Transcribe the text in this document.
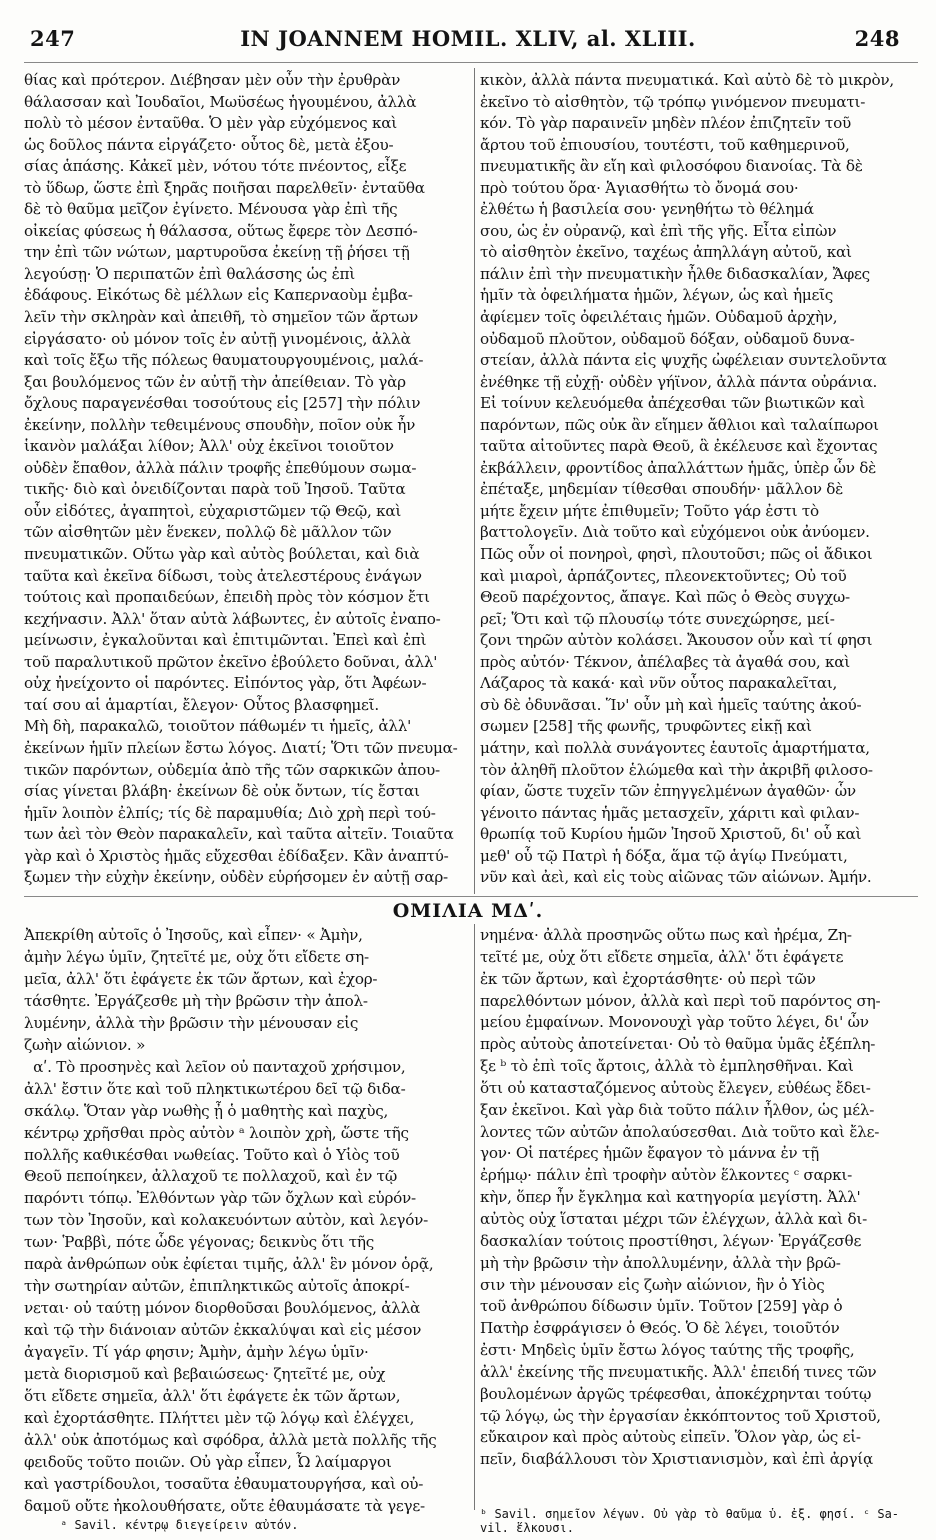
247	IN JOANNEM HOMIL. XLIV, al. XLIII.	248
θίας καὶ πρότερον. Διέβησαν μὲν οὖν τὴν ἐρυθρὰν
θάλασσαν καὶ Ἰουδαῖοι, Μωϋσέως ἡγουμένου, ἀλλὰ
πολὺ τὸ μέσον ἐνταῦθα. Ὁ μὲν γὰρ εὐχόμενος καὶ
ὡς δοῦλος πάντα εἰργάζετο· οὗτος δὲ, μετὰ ἐξου-
σίας ἁπάσης. Κἀκεῖ μὲν, νότου τότε πνέοντος, εἶξε
τὸ ὕδωρ, ὥστε ἐπὶ ξηρᾶς ποιῆσαι παρελθεῖν· ἐνταῦθα
δὲ τὸ θαῦμα μεῖζον ἐγίνετο. Μένουσα γὰρ ἐπὶ τῆς
οἰκείας φύσεως ἡ θάλασσα, οὕτως ἔφερε τὸν Δεσπό-
την ἐπὶ τῶν νώτων, μαρτυροῦσα ἐκείνῃ τῇ ῥήσει τῇ
λεγούσῃ· Ὁ περιπατῶν ἐπὶ θαλάσσης ὡς ἐπὶ
ἐδάφους. Εἰκότως δὲ μέλλων εἰς Καπερναοὺμ ἐμβα-
λεῖν τὴν σκληρὰν καὶ ἀπειθῆ, τὸ σημεῖον τῶν ἄρτων
εἰργάσατο· οὐ μόνον τοῖς ἐν αὐτῇ γινομένοις, ἀλλὰ
καὶ τοῖς ἔξω τῆς πόλεως θαυματουργουμένοις, μαλά-
ξαι βουλόμενος τῶν ἐν αὐτῇ τὴν ἀπείθειαν. Τὸ γὰρ
ὄχλους παραγενέσθαι τοσούτους εἰς [257] τὴν πόλιν
ἐκείνην, πολλὴν τεθειμένους σπουδὴν, ποῖον οὐκ ἦν
ἱκανὸν μαλάξαι λίθον; Ἀλλ' οὐχ ἐκεῖνοι τοιοῦτον
οὐδὲν ἔπαθον, ἀλλὰ πάλιν τροφῆς ἐπεθύμουν σωμα-
τικῆς· διὸ καὶ ὀνειδίζονται παρὰ τοῦ Ἰησοῦ. Ταῦτα
οὖν εἰδότες, ἀγαπητοὶ, εὐχαριστῶμεν τῷ Θεῷ, καὶ
τῶν αἰσθητῶν μὲν ἕνεκεν, πολλῷ δὲ μᾶλλον τῶν
πνευματικῶν. Οὕτω γὰρ καὶ αὐτὸς βούλεται, καὶ διὰ
ταῦτα καὶ ἐκεῖνα δίδωσι, τοὺς ἀτελεστέρους ἐνάγων
τούτοις καὶ προπαιδεύων, ἐπειδὴ πρὸς τὸν κόσμον ἔτι
κεχήνασιν. Ἀλλ' ὅταν αὐτὰ λάβωντες, ἐν αὐτοῖς ἐναπο-
μείνωσιν, ἐγκαλοῦνται καὶ ἐπιτιμῶνται. Ἐπεὶ καὶ ἐπὶ
τοῦ παραλυτικοῦ πρῶτον ἐκεῖνο ἐβούλετο δοῦναι, ἀλλ'
οὐχ ἠνείχοντο οἱ παρόντες. Εἰπόντος γὰρ, ὅτι Ἀφέων-
ταί σου αἱ ἁμαρτίαι, ἔλεγον· Οὗτος βλασφημεῖ.
Μὴ δὴ, παρακαλῶ, τοιοῦτον πάθωμέν τι ἡμεῖς, ἀλλ'
ἐκείνων ἡμῖν πλείων ἔστω λόγος. Διατί; Ὅτι τῶν πνευμα-
τικῶν παρόντων, οὐδεμία ἀπὸ τῆς τῶν σαρκικῶν ἀπου-
σίας γίνεται βλάβη· ἐκείνων δὲ οὐκ ὄντων, τίς ἔσται
ἡμῖν λοιπὸν ἐλπίς; τίς δὲ παραμυθία; Διὸ χρὴ περὶ τού-
των ἀεὶ τὸν Θεὸν παρακαλεῖν, καὶ ταῦτα αἰτεῖν. Τοιαῦτα
γὰρ καὶ ὁ Χριστὸς ἡμᾶς εὔχεσθαι ἐδίδαξεν. Κἂν ἀναπτύ-
ξωμεν τὴν εὐχὴν ἐκείνην, οὐδὲν εὑρήσομεν ἐν αὐτῇ σαρ-
κικὸν, ἀλλὰ πάντα πνευματικά. Καὶ αὐτὸ δὲ τὸ μικρὸν,
ἐκεῖνο τὸ αἰσθητὸν, τῷ τρόπῳ γινόμενον πνευματι-
κόν. Τὸ γὰρ παραινεῖν μηδὲν πλέον ἐπιζητεῖν τοῦ
ἄρτου τοῦ ἐπιουσίου, τουτέστι, τοῦ καθημερινοῦ,
πνευματικῆς ἂν εἴη καὶ φιλοσόφου διανοίας. Τὰ δὲ
πρὸ τούτου ὅρα· Ἁγιασθήτω τὸ ὄνομά σου·
ἐλθέτω ἡ βασιλεία σου· γενηθήτω τὸ θέλημά
σου, ὡς ἐν οὐρανῷ, καὶ ἐπὶ τῆς γῆς. Εἶτα εἰπὼν
τὸ αἰσθητὸν ἐκεῖνο, ταχέως ἀπηλλάγη αὐτοῦ, καὶ
πάλιν ἐπὶ τὴν πνευματικὴν ἦλθε διδασκαλίαν, Ἄφες
ἡμῖν τὰ ὀφειλήματα ἡμῶν, λέγων, ὡς καὶ ἡμεῖς
ἀφίεμεν τοῖς ὀφειλέταις ἡμῶν. Οὐδαμοῦ ἀρχὴν,
οὐδαμοῦ πλοῦτον, οὐδαμοῦ δόξαν, οὐδαμοῦ δυνα-
στείαν, ἀλλὰ πάντα εἰς ψυχῆς ὠφέλειαν συντελοῦντα
ἐνέθηκε τῇ εὐχῇ· οὐδὲν γήϊνον, ἀλλὰ πάντα οὐράνια.
Εἰ τοίνυν κελευόμεθα ἀπέχεσθαι τῶν βιωτικῶν καὶ
παρόντων, πῶς οὐκ ἂν εἴημεν ἄθλιοι καὶ ταλαίπωροι
ταῦτα αἰτοῦντες παρὰ Θεοῦ, ἃ ἐκέλευσε καὶ ἔχοντας
ἐκβάλλειν, φροντίδος ἀπαλλάττων ἡμᾶς, ὑπὲρ ὧν δὲ
ἐπέταξε, μηδεμίαν τίθεσθαι σπουδήν· μᾶλλον δὲ
μήτε ἔχειν μήτε ἐπιθυμεῖν; Τοῦτο γάρ ἐστι τὸ
βαττολογεῖν. Διὰ τοῦτο καὶ εὐχόμενοι οὐκ ἀνύομεν.
Πῶς οὖν οἱ πονηροὶ, φησὶ, πλουτοῦσι; πῶς οἱ ἄδικοι
καὶ μιαροὶ, ἁρπάζοντες, πλεονεκτοῦντες; Οὐ τοῦ
Θεοῦ παρέχοντος, ἄπαγε. Καὶ πῶς ὁ Θεὸς συγχω-
ρεῖ; Ὅτι καὶ τῷ πλουσίῳ τότε συνεχώρησε, μεί-
ζονι τηρῶν αὐτὸν κολάσει. Ἄκουσον οὖν καὶ τί φησι
πρὸς αὐτόν· Τέκνον, ἀπέλαβες τὰ ἀγαθά σου, καὶ
Λάζαρος τὰ κακά· καὶ νῦν οὗτος παρακαλεῖται,
σὺ δὲ ὀδυνᾶσαι. Ἵν' οὖν μὴ καὶ ἡμεῖς ταύτης ἀκού-
σωμεν [258] τῆς φωνῆς, τρυφῶντες εἰκῇ καὶ
μάτην, καὶ πολλὰ συνάγοντες ἑαυτοῖς ἁμαρτήματα,
τὸν ἀληθῆ πλοῦτον ἑλώμεθα καὶ τὴν ἀκριβῆ φιλοσο-
φίαν, ὥστε τυχεῖν τῶν ἐπηγγελμένων ἀγαθῶν· ὧν
γένοιτο πάντας ἡμᾶς μετασχεῖν, χάριτι καὶ φιλαν-
θρωπίᾳ τοῦ Κυρίου ἡμῶν Ἰησοῦ Χριστοῦ, δι' οὗ καὶ
μεθ' οὗ τῷ Πατρὶ ἡ δόξα, ἅμα τῷ ἁγίῳ Πνεύματι,
νῦν καὶ ἀεὶ, καὶ εἰς τοὺς αἰῶνας τῶν αἰώνων. Ἀμήν.
ΟΜΙΛΙΑ ΜΔʹ.
Ἀπεκρίθη αὐτοῖς ὁ Ἰησοῦς, καὶ εἶπεν· « Ἀμὴν,
ἀμὴν λέγω ὑμῖν, ζητεῖτέ με, οὐχ ὅτι εἴδετε ση-
μεῖα, ἀλλ' ὅτι ἐφάγετε ἐκ τῶν ἄρτων, καὶ ἐχορ-
τάσθητε. Ἐργάζεσθε μὴ τὴν βρῶσιν τὴν ἀπολ-
λυμένην, ἀλλὰ τὴν βρῶσιν τὴν μένουσαν εἰς
ζωὴν αἰώνιον. »
αʹ. Τὸ προσηνὲς καὶ λεῖον οὐ πανταχοῦ χρήσιμον,
ἀλλ' ἔστιν ὅτε καὶ τοῦ πληκτικωτέρου δεῖ τῷ διδα-
σκάλῳ. Ὅταν γὰρ νωθὴς ᾖ ὁ μαθητὴς καὶ παχὺς,
κέντρῳ χρῆσθαι πρὸς αὐτὸν ᵃ λοιπὸν χρὴ, ὥστε τῆς
πολλῆς καθικέσθαι νωθείας. Τοῦτο καὶ ὁ Υἱὸς τοῦ
Θεοῦ πεποίηκεν, ἀλλαχοῦ τε πολλαχοῦ, καὶ ἐν τῷ
παρόντι τόπῳ. Ἐλθόντων γὰρ τῶν ὄχλων καὶ εὑρόν-
των τὸν Ἰησοῦν, καὶ κολακευόντων αὐτὸν, καὶ λεγόν-
των· Ῥαββὶ, πότε ὧδε γέγονας; δεικνὺς ὅτι τῆς
παρὰ ἀνθρώπων οὐκ ἐφίεται τιμῆς, ἀλλ' ἓν μόνον ὁρᾷ,
τὴν σωτηρίαν αὐτῶν, ἐπιπληκτικῶς αὐτοῖς ἀποκρί-
νεται· οὐ ταύτῃ μόνον διορθοῦσαι βουλόμενος, ἀλλὰ
καὶ τῷ τὴν διάνοιαν αὐτῶν ἐκκαλύψαι καὶ εἰς μέσον
ἀγαγεῖν. Τί γάρ φησιν; Ἀμὴν, ἀμὴν λέγω ὑμῖν·
μετὰ διορισμοῦ καὶ βεβαιώσεως· ζητεῖτέ με, οὐχ
ὅτι εἴδετε σημεῖα, ἀλλ' ὅτι ἐφάγετε ἐκ τῶν ἄρτων,
καὶ ἐχορτάσθητε. Πλήττει μὲν τῷ λόγῳ καὶ ἐλέγχει,
ἀλλ' οὐκ ἀποτόμως καὶ σφόδρα, ἀλλὰ μετὰ πολλῆς τῆς
φειδοῦς τοῦτο ποιῶν. Οὐ γὰρ εἶπεν, Ὦ λαίμαργοι
καὶ γαστρίδουλοι, τοσαῦτα ἐθαυματουργήσα, καὶ οὐ-
δαμοῦ οὔτε ἠκολουθήσατε, οὔτε ἐθαυμάσατε τὰ γεγε-
νημένα· ἀλλὰ προσηνῶς οὕτω πως καὶ ἠρέμα, Ζη-
τεῖτέ με, οὐχ ὅτι εἴδετε σημεῖα, ἀλλ' ὅτι ἐφάγετε
ἐκ τῶν ἄρτων, καὶ ἐχορτάσθητε· οὐ περὶ τῶν
παρελθόντων μόνον, ἀλλὰ καὶ περὶ τοῦ παρόντος ση-
μείου ἐμφαίνων. Μονονουχὶ γὰρ τοῦτο λέγει, δι' ὧν
πρὸς αὐτοὺς ἀποτείνεται· Οὐ τὸ θαῦμα ὑμᾶς ἐξέπλη-
ξε ᵇ τὸ ἐπὶ τοῖς ἄρτοις, ἀλλὰ τὸ ἐμπλησθῆναι. Καὶ
ὅτι οὐ κατασταζόμενος αὐτοὺς ἔλεγεν, εὐθέως ἔδει-
ξαν ἐκεῖνοι. Καὶ γὰρ διὰ τοῦτο πάλιν ἦλθον, ὡς μέλ-
λοντες τῶν αὐτῶν ἀπολαύσεσθαι. Διὰ τοῦτο καὶ ἔλε-
γον· Οἱ πατέρες ἡμῶν ἔφαγον τὸ μάννα ἐν τῇ
ἐρήμῳ· πάλιν ἐπὶ τροφὴν αὐτὸν ἕλκοντες ᶜ σαρκι-
κὴν, ὅπερ ἦν ἔγκλημα καὶ κατηγορία μεγίστη. Ἀλλ'
αὐτὸς οὐχ ἵσταται μέχρι τῶν ἐλέγχων, ἀλλὰ καὶ δι-
δασκαλίαν τούτοις προστίθησι, λέγων· Ἐργάζεσθε
μὴ τὴν βρῶσιν τὴν ἀπολλυμένην, ἀλλὰ τὴν βρῶ-
σιν τὴν μένουσαν εἰς ζωὴν αἰώνιον, ἣν ὁ Υἱὸς
τοῦ ἀνθρώπου δίδωσιν ὑμῖν. Τοῦτον [259] γὰρ ὁ
Πατὴρ ἐσφράγισεν ὁ Θεός. Ὁ δὲ λέγει, τοιοῦτόν
ἐστι· Μηδεὶς ὑμῖν ἔστω λόγος ταύτης τῆς τροφῆς,
ἀλλ' ἐκείνης τῆς πνευματικῆς. Ἀλλ' ἐπειδή τινες τῶν
βουλομένων ἀργῶς τρέφεσθαι, ἀποκέχρηνται τούτῳ
τῷ λόγῳ, ὡς τὴν ἐργασίαν ἐκκόπτοντος τοῦ Χριστοῦ,
εὔκαιρον καὶ πρὸς αὐτοὺς εἰπεῖν. Ὅλον γὰρ, ὡς εἰ-
πεῖν, διαβάλλουσι τὸν Χριστιανισμὸν, καὶ ἐπὶ ἀργίᾳ
ᵃ Savil. κέντρῳ διεγείρειν αὐτόν.
ᵇ Savil. σημεῖον λέγων. Οὐ γὰρ τὸ θαῦμα ὑ. ἐξ. φησί. ᶜ Sa-
vil. ἕλκουσι.
